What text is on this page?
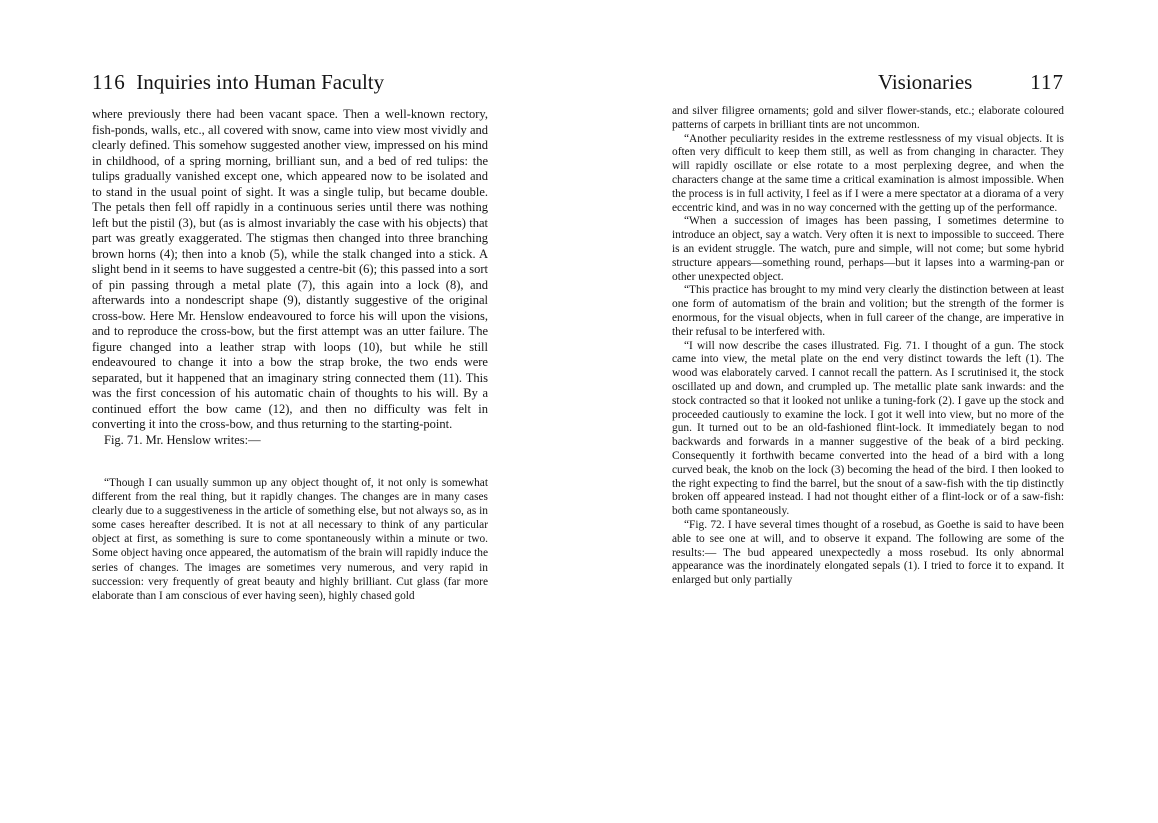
116 Inquiries into Human Faculty

where previously there had been vacant space. Then a well-known rectory, fish-ponds, walls, etc., all covered with snow, came into view most vividly and clearly defined. This somehow suggested another view, impressed on his mind in childhood, of a spring morning, brilliant sun, and a bed of red tulips: the tulips gradually vanished except one, which appeared now to be isolated and to stand in the usual point of sight. It was a single tulip, but became double. The petals then fell off rapidly in a continuous series until there was nothing left but the pistil (3), but (as is almost invariably the case with his objects) that part was greatly exaggerated. The stigmas then changed into three branching brown horns (4); then into a knob (5), while the stalk changed into a stick. A slight bend in it seems to have suggested a centre-bit (6); this passed into a sort of pin passing through a metal plate (7), this again into a lock (8), and afterwards into a nondescript shape (9), distantly suggestive of the original cross-bow. Here Mr. Henslow endeavoured to force his will upon the visions, and to reproduce the cross-bow, but the first attempt was an utter failure. The figure changed into a leather strap with loops (10), but while he still endeavoured to change it into a bow the strap broke, the two ends were separated, but it happened that an imaginary string connected them (11). This was the first concession of his automatic chain of thoughts to his will. By a continued effort the bow came (12), and then no difficulty was felt in converting it into the cross-bow, and thus returning to the starting-point.

Fig. 71. Mr. Henslow writes:—

“Though I can usually summon up any object thought of, it not only is somewhat different from the real thing, but it rapidly changes. The changes are in many cases clearly due to a suggestiveness in the article of something else, but not always so, as in some cases hereafter described. It is not at all necessary to think of any particular object at first, as something is sure to come spontaneously within a minute or two. Some object having once appeared, the automatism of the brain will rapidly induce the series of changes. The images are sometimes very numerous, and very rapid in succession: very frequently of great beauty and highly brilliant. Cut glass (far more elaborate than I am conscious of ever having seen), highly chased gold

Visionaries	117

and silver filigree ornaments; gold and silver flower-stands, etc.; elaborate coloured patterns of carpets in brilliant tints are not uncommon.

“Another peculiarity resides in the extreme restlessness of my visual objects. It is often very difficult to keep them still, as well as from changing in character. They will rapidly oscillate or else rotate to a most perplexing degree, and when the characters change at the same time a critical examination is almost impossible. When the process is in full activity, I feel as if I were a mere spectator at a diorama of a very eccentric kind, and was in no way concerned with the getting up of the performance.

“When a succession of images has been passing, I sometimes determine to introduce an object, say a watch. Very often it is next to impossible to succeed. There is an evident struggle. The watch, pure and simple, will not come; but some hybrid structure appears—something round, perhaps—but it lapses into a warming-pan or other unexpected object.

“This practice has brought to my mind very clearly the distinction between at least one form of automatism of the brain and volition; but the strength of the former is enormous, for the visual objects, when in full career of the change, are imperative in their refusal to be interfered with.

“I will now describe the cases illustrated. Fig. 71. I thought of a gun. The stock came into view, the metal plate on the end very distinct towards the left (1). The wood was elaborately carved. I cannot recall the pattern. As I scrutinised it, the stock oscillated up and down, and crumpled up. The metallic plate sank inwards: and the stock contracted so that it looked not unlike a tuning-fork (2). I gave up the stock and proceeded cautiously to examine the lock. I got it well into view, but no more of the gun. It turned out to be an old-fashioned flint-lock. It immediately began to nod backwards and forwards in a manner suggestive of the beak of a bird pecking. Consequently it forthwith became converted into the head of a bird with a long curved beak, the knob on the lock (3) becoming the head of the bird. I then looked to the right expecting to find the barrel, but the snout of a saw-fish with the tip distinctly broken off appeared instead. I had not thought either of a flint-lock or of a saw-fish: both came spontaneously.

“Fig. 72. I have several times thought of a rosebud, as Goethe is said to have been able to see one at will, and to observe it expand. The following are some of the results:— The bud appeared unexpectedly a moss rosebud. Its only abnormal appearance was the inordinately elongated sepals (1). I tried to force it to expand. It enlarged but only partially
